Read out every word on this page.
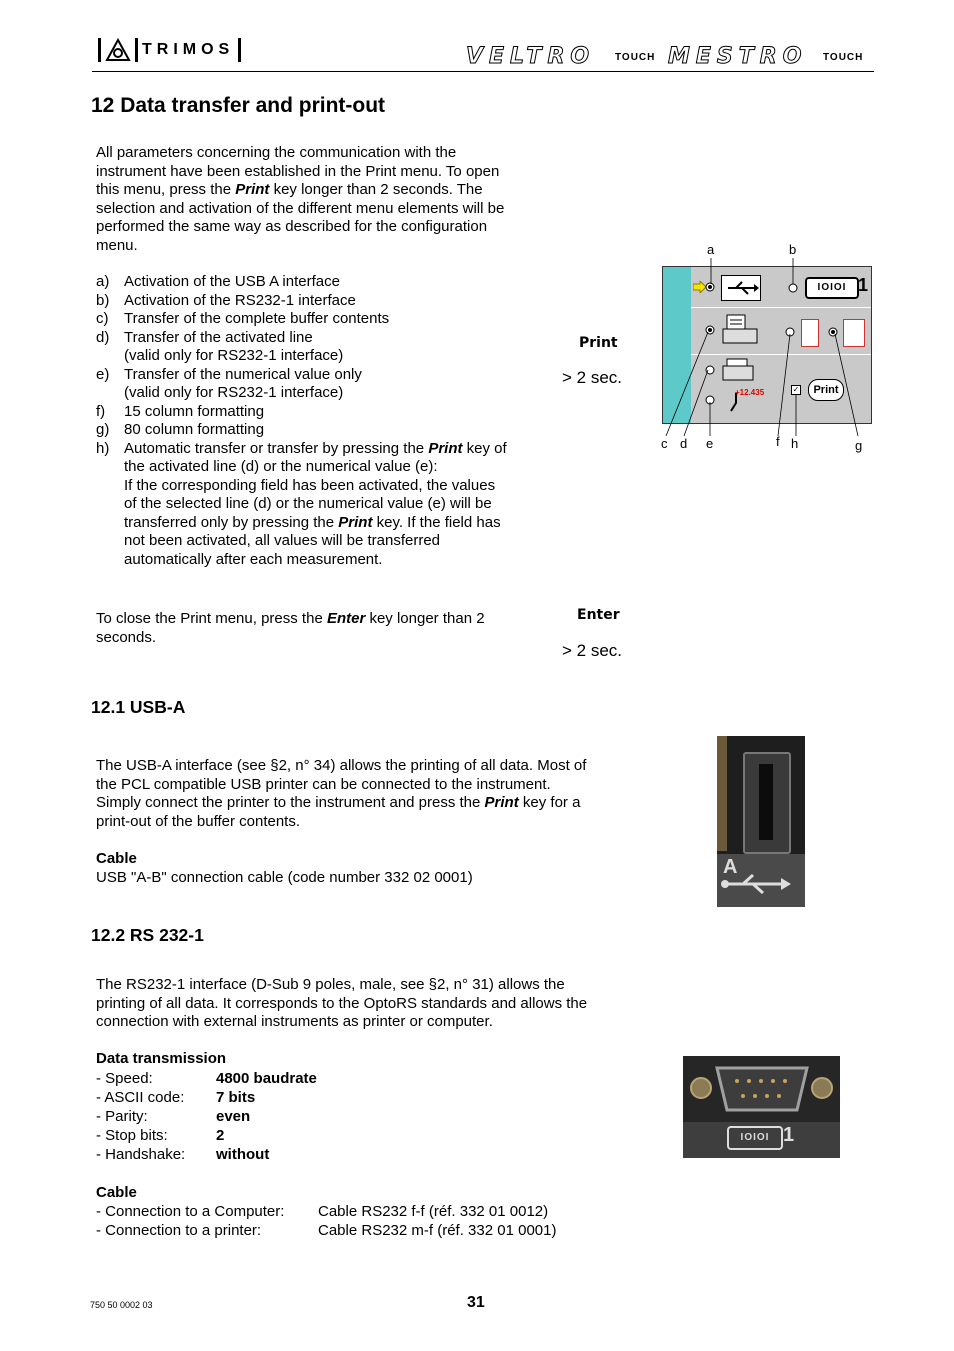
TRIMOS	VELTRO TOUCH MESTRO TOUCH
12 Data transfer and print-out
All parameters concerning the communication with the
instrument have been established in the Print menu. To open
this menu, press the Print key longer than 2 seconds. The
selection and activation of the different menu elements will be
performed the same way as described for the configuration
menu.
a) Activation of the USB A interface
b) Activation of the RS232-1 interface
c) Transfer of the complete buffer contents
d) Transfer of the activated line
(valid only for RS232-1 interface)
e) Transfer of the numerical value only
(valid only for RS232-1 interface)
f) 15 column formatting
g) 80 column formatting
h) Automatic transfer or transfer by pressing the Print key of
the activated line (d) or the numerical value (e):
If the corresponding field has been activated, the values
of the selected line (d) or the numerical value (e) will be
transferred only by pressing the Print key. If the field has
not been activated, all values will be transferred
automatically after each measurement.
Print
> 2 sec.
a	b
IOIOI 1
+12.435	✓	Print
c d e	f h	g
To close the Print menu, press the Enter key longer than 2
seconds.
Enter
> 2 sec.
12.1 USB-A
The USB-A interface (see §2, n° 34) allows the printing of all data. Most of
the PCL compatible USB printer can be connected to the instrument.
Simply connect the printer to the instrument and press the Print key for a
print-out of the buffer contents.
Cable
USB "A-B" connection cable (code number 332 02 0001)	A
12.2 RS 232-1
The RS232-1 interface (D-Sub 9 poles, male, see §2, n° 31) allows the
printing of all data. It corresponds to the OptoRS standards and allows the
connection with external instruments as printer or computer.
Data transmission
- Speed:	4800 baudrate
- ASCII code: 7 bits
- Parity:	even
- Stop bits:	2
- Handshake: without
Cable
- Connection to a Computer: Cable RS232 f-f (réf. 332 01 0012)
- Connection to a printer:	Cable RS232 m-f (réf. 332 01 0001)
IOIOI 1
750 50 0002 03	31
